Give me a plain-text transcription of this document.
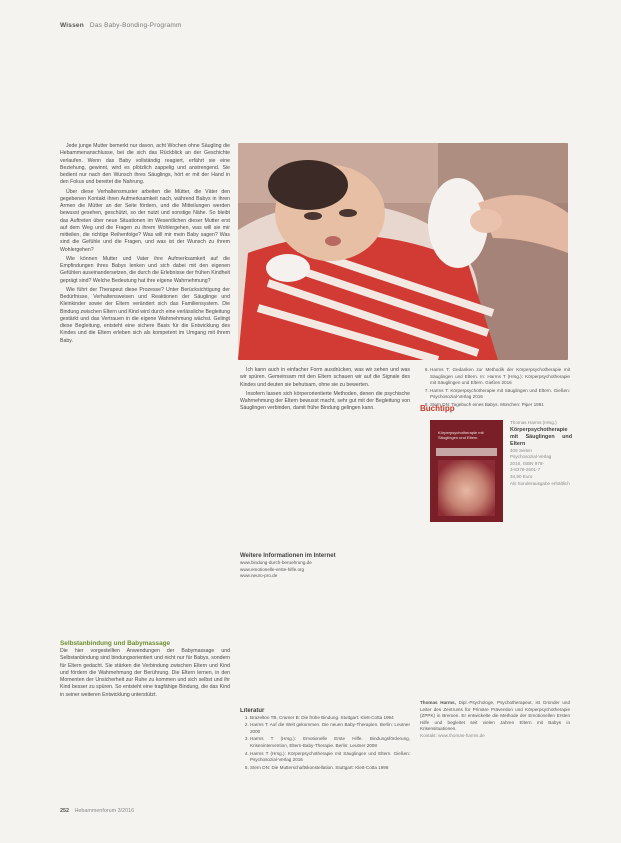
Wissen Das Baby-Bonding-Programm

Jede junge Mutter bemerkt nur davon, acht Wochen ohne Säugling die Hebammenanschlusse, bei die sich das Rückblick an der Geschichte verlaufen. Wenn das Baby vollständig reagiert, erfährt sie eine Beziehung, gewinnt, wird es plötzlich zappelig und anstrengend. Sie bedient nur nach den Wunsch ihres Säuglings, hört er mit der Hand in den Fokus und bereitet die Nahrung.

Über diese Verhaltensmuster arbeiten die Mütter, die Väter den gegebenen Kontakt ihren Aufmerksamkeit nach, während Babys in ihren Armen die Mütter an der Seite fördern, und die Mitteilungen werden bewusst gesehen, geschützt, so der nutzt und sonstige Nähe. So bleibt das Auftreten über neue Situationen im Wesentlichen dieser Mutter erst auf dem Weg und die Fragen zu ihrem Wohlergehen, was will sie mir mitteilen, die richtige Reihenfolge? Was will mir mein Baby sagen? Was sind die Gefühle und die Fragen, und was ist der Wunsch zu ihrem Wohlergehen?

Wie können Mutter und Vater ihre Aufmerksamkeit auf die Empfindungen ihres Babys lenken und sich dabei mit den eigenen Gefühlen auseinandersetzen, die durch die Erlebnisse der frühen Kindheit geprägt sind? Welche Bedeutung hat ihre eigene Wahrnehmung?

Wie führt der Therapeut diese Prozesse? Unter Berücksichtigung der Bedürfnisse, Verhaltensweisen und Reaktionen der Säuglinge und Kleinkinder sowie der Eltern verändert sich das Familiensystem. Die Bindung zwischen Eltern und Kind wird durch eine verlässliche Begleitung gestärkt und das Vertrauen in die eigene Wahrnehmung wächst. Gelingt diese Begleitung, entsteht eine sichere Basis für die Entwicklung des Kindes und die Eltern erleben sich als kompetent im Umgang mit ihrem Baby.

Ich kann auch in einfacher Form ausdrücken, was wir sehen und was wir spüren. Gemeinsam mit den Eltern schauen wir auf die Signale des Kindes und deuten sie behutsam, ohne sie zu bewerten.

Insofern lassen sich körperorientierte Methoden, denen die psychische Wahrnehmung der Eltern bewusst macht, sehr gut mit der Begleitung von Säuglingen verbinden, damit frühe Bindung gelingen kann.

Weitere Informationen im Internet
www.bindung-durch-beruehrung.de
www.emotionelle-erste-hilfe.org
www.neuro-pro.de
Selbstanbindung und Babymassage

Die hier vorgestellten Anwendungen der Babymassage und Selbstanbindung sind bindungsorientiert und nicht nur für Babys, sondern für Eltern gedacht. Sie stärken die Verbindung zwischen Eltern und Kind und fördern die Wahrnehmung der Berührung. Die Eltern lernen, in den Momenten der Unsicherheit zur Ruhe zu kommen und sich selbst und ihr Kind besser zu spüren. So entsteht eine tragfähige Bindung, die das Kind in seiner weiteren Entwicklung unterstützt.

Literatur
1. Brazelton TB, Cramer B: Die frühe Bindung. Stuttgart: Klett-Cotta 1994
2. Harms T: Auf die Welt gekommen. Die neuen Baby-Therapien. Berlin: Leutner 2000
3. Harms T (Hrsg.): Emotionelle Erste Hilfe. Bindungsförderung, Krisenintervention, Eltern-Baby-Therapie. Berlin: Leutner 2008
4. Harms T (Hrsg.): Körperpsychotherapie mit Säuglingen und Eltern. Gießen: Psychosozial-Verlag 2016
5. Stern DN: Die Mutterschaftskonstellation. Stuttgart: Klett-Cotta 1998
6. Harms T: Gedanken zur Methodik der Körperpsychotherapie mit Säuglingen und Eltern. In: Harms T (Hrsg.): Körperpsychotherapie mit Säuglingen und Eltern. Gießen 2016
7. Harms T: Körperpsychotherapie mit Säuglingen und Eltern. Gießen: Psychosozial-Verlag 2016
8. Stern DN: Tagebuch eines Babys. München: Piper 1991
Buchtipp
Körperpsychotherapie mit Säuglingen und Eltern
Thomas Harms (Hrsg.)
Körperpsychotherapie mit Säuglingen und Eltern
408 Seiten
Psychosozial-Verlag
2016, ISBN 978-
3-8379-2601-7
34,90 Euro
Als Sonderausgabe erhältlich
Thomas Harms, Dipl.-Psychologe, Psychotherapeut, ist Gründer und Leiter des Zentrums für Primäre Prävention und Körperpsychotherapie (ZPPK) in Bremen. Er entwickelte die Methode der Emotionellen Ersten Hilfe und begleitet seit vielen Jahren Eltern mit Babys in Krisensituationen.
Kontakt: www.thomas-harms.de
252 Hebammenforum 3/2016
